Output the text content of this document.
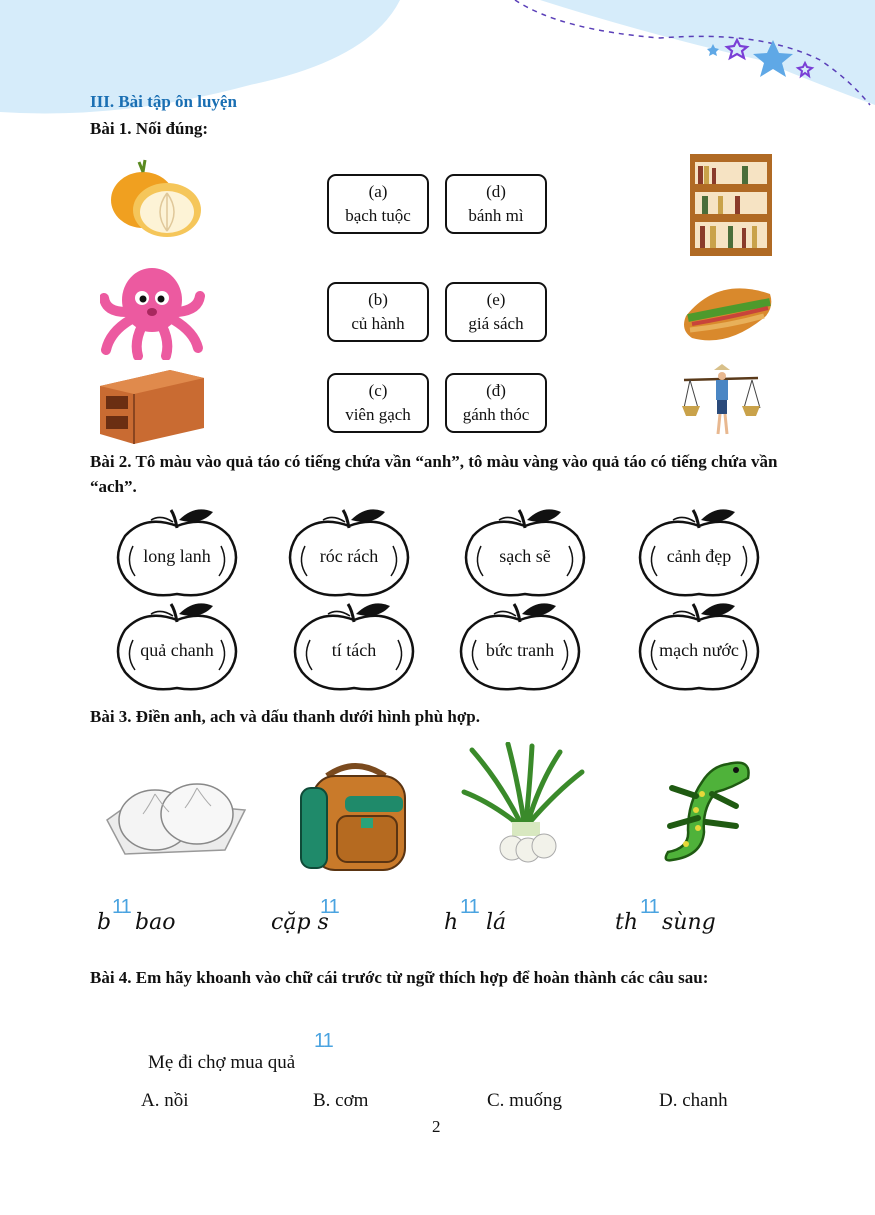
III. Bài tập ôn luyện
Bài 1. Nối đúng:
(a)
bạch tuộc
(d)
bánh mì
(b)
củ hành
(e)
giá sách
(c)
viên gạch
(đ)
gánh thóc
Bài 2. Tô màu vào quả táo có tiếng chứa vần “anh”, tô màu vàng vào quả táo có tiếng chứa vần “ach”.
long lanh	róc rách	sạch sẽ	cảnh đẹp
quả chanh	tí tách	bức tranh	mạch nước
Bài 3. Điền anh, ach và dấu thanh dưới hình phù hợp.
b
11
bao	cặp s
11
h
11
lá	th
11
sùng
Bài 4. Em hãy khoanh vào chữ cái trước từ ngữ thích hợp để hoàn thành các câu sau:
Mẹ đi chợ mua quả
11
A. nồi	B. cơm	C. muống	D. chanh
2
